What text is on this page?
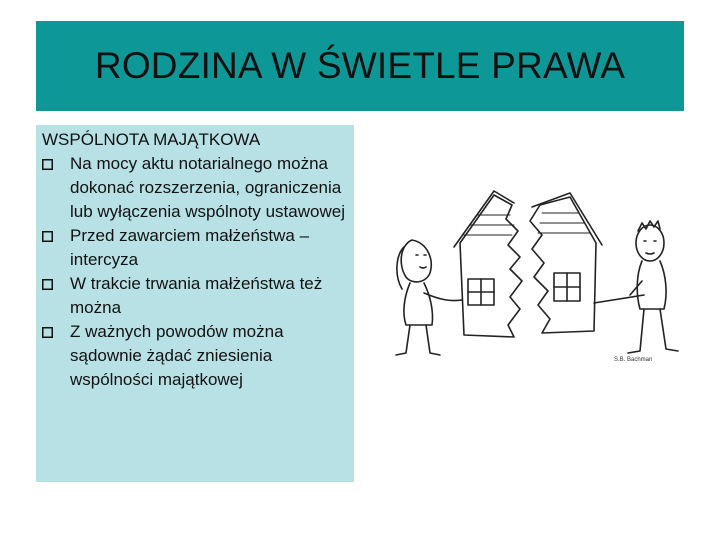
RODZINA W ŚWIETLE PRAWA
WSPÓLNOTA MAJĄTKOWA
Na mocy aktu notarialnego można dokonać rozszerzenia, ograniczenia lub wyłączenia wspólnoty ustawowej
Przed zawarciem małżeństwa – intercyza
W trakcie trwania małżeństwa też można
Z ważnych powodów można sądownie żądać zniesienia wspólności majątkowej
S.B. Bachman
